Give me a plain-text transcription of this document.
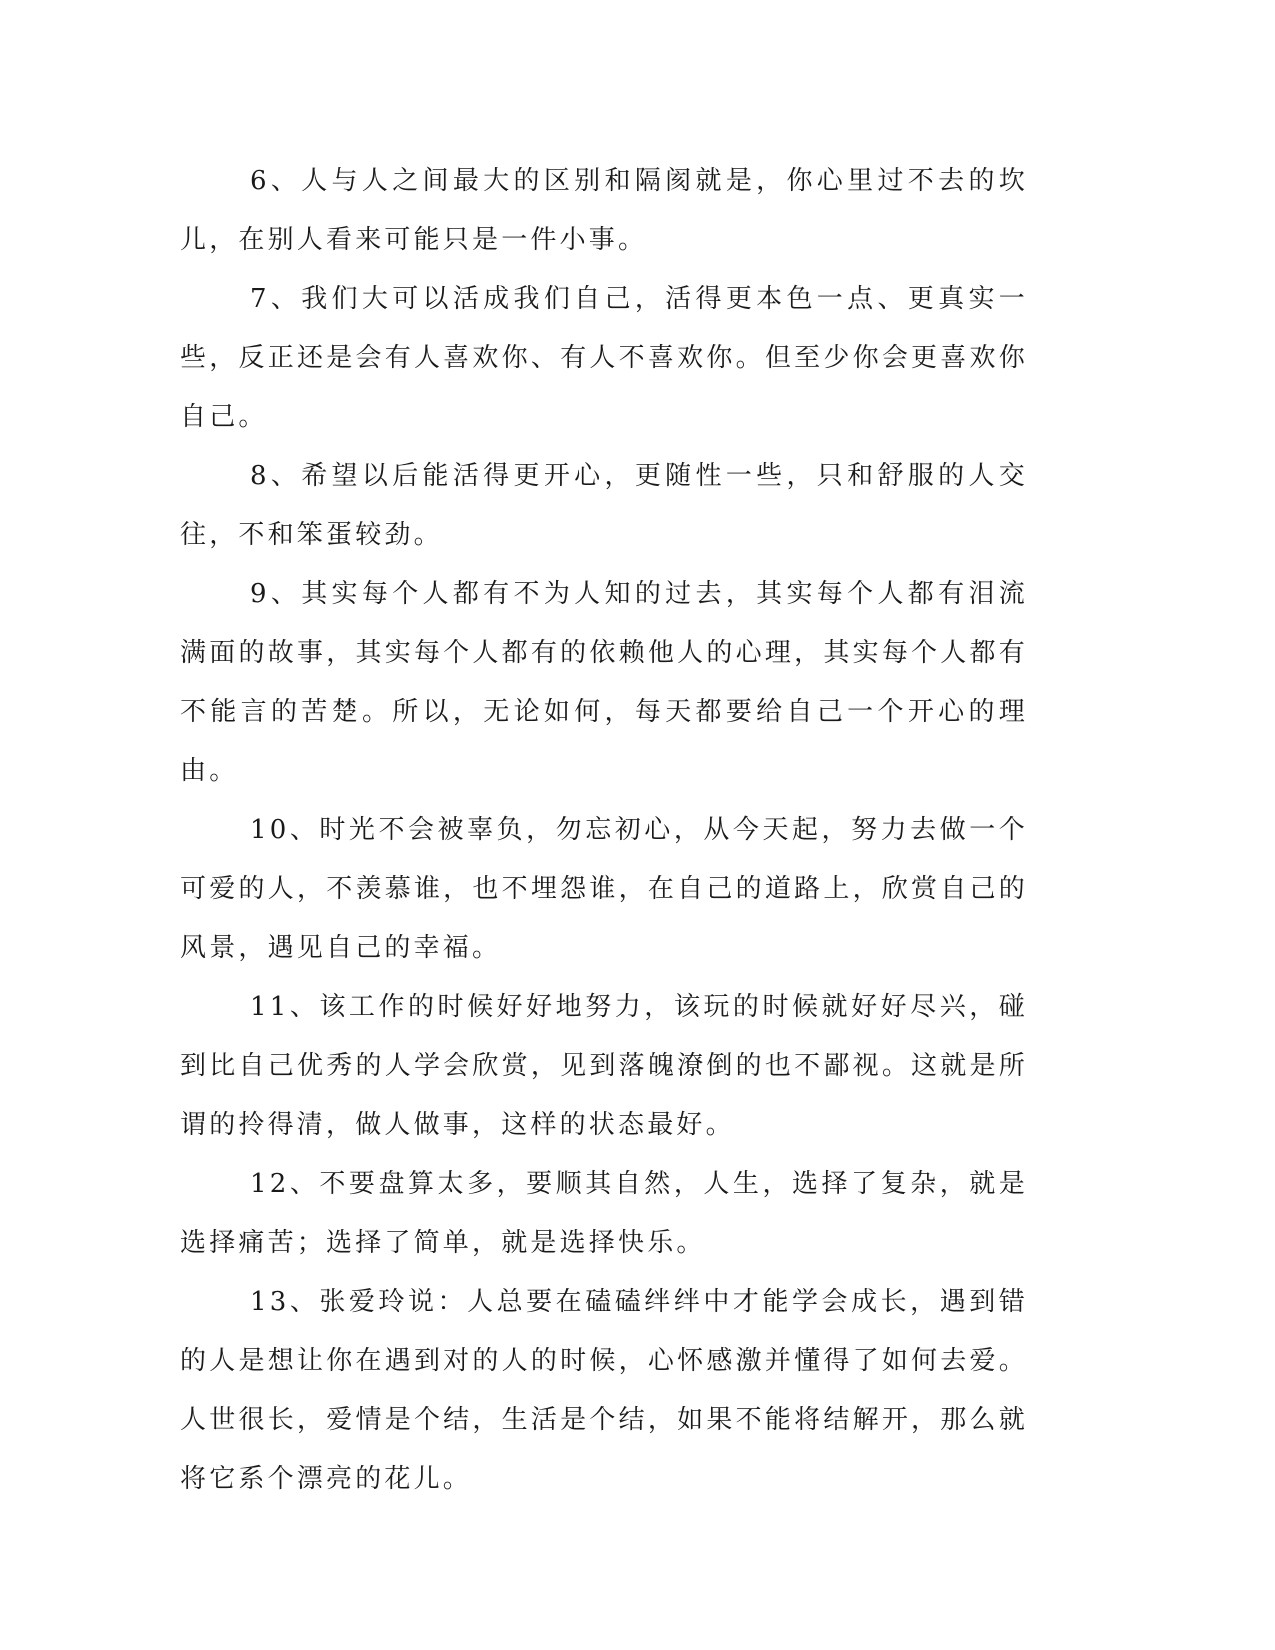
6、人与人之间最大的区别和隔阂就是，你心里过不去的坎儿，在别人看来可能只是一件小事。

7、我们大可以活成我们自己，活得更本色一点、更真实一些，反正还是会有人喜欢你、有人不喜欢你。但至少你会更喜欢你自己。

8、希望以后能活得更开心，更随性一些，只和舒服的人交往，不和笨蛋较劲。

9、其实每个人都有不为人知的过去，其实每个人都有泪流满面的故事，其实每个人都有的依赖他人的心理，其实每个人都有不能言的苦楚。所以，无论如何，每天都要给自己一个开心的理由。

10、时光不会被辜负，勿忘初心，从今天起，努力去做一个可爱的人，不羡慕谁，也不埋怨谁，在自己的道路上，欣赏自己的风景，遇见自己的幸福。

11、该工作的时候好好地努力，该玩的时候就好好尽兴，碰到比自己优秀的人学会欣赏，见到落魄潦倒的也不鄙视。这就是所谓的拎得清，做人做事，这样的状态最好。

12、不要盘算太多，要顺其自然，人生，选择了复杂，就是选择痛苦；选择了简单，就是选择快乐。

13、张爱玲说：人总要在磕磕绊绊中才能学会成长，遇到错的人是想让你在遇到对的人的时候，心怀感激并懂得了如何去爱。人世很长，爱情是个结，生活是个结，如果不能将结解开，那么就将它系个漂亮的花儿。
